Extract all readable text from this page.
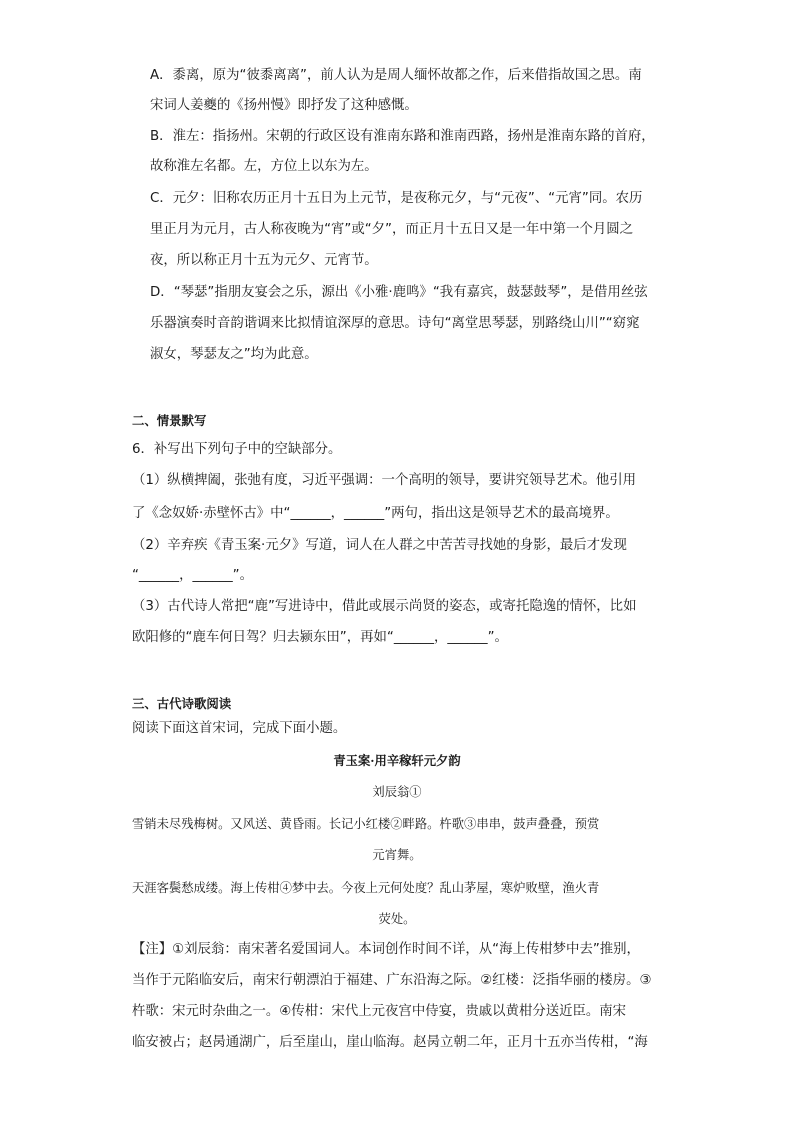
A．黍离，原为“彼黍离离”，前人认为是周人缅怀故都之作，后来借指故国之思。南
宋词人姜夔的《扬州慢》即抒发了这种感慨。
B．淮左：指扬州。宋朝的行政区设有淮南东路和淮南西路，扬州是淮南东路的首府，
故称淮左名都。左，方位上以东为左。
C．元夕：旧称农历正月十五日为上元节，是夜称元夕，与“元夜”、“元宵”同。农历
里正月为元月，古人称夜晚为“宵”或“夕”，而正月十五日又是一年中第一个月圆之
夜，所以称正月十五为元夕、元宵节。
D．“琴瑟”指朋友宴会之乐，源出《小雅·鹿鸣》“我有嘉宾，鼓瑟鼓琴”，是借用丝弦
乐器演奏时音韵谐调来比拟情谊深厚的意思。诗句“离堂思琴瑟，别路绕山川”“窈窕
淑女，琴瑟友之”均为此意。
二、情景默写
6．补写出下列句子中的空缺部分。
（1）纵横捭阖，张弛有度，习近平强调：一个高明的领导，要讲究领导艺术。他引用
了《念奴娇·赤壁怀古》中“______，______”两句，指出这是领导艺术的最高境界。
（2）辛弃疾《青玉案·元夕》写道，词人在人群之中苦苦寻找她的身影，最后才发现
“______，______”。
（3）古代诗人常把“鹿”写进诗中，借此或展示尚贤的姿态，或寄托隐逸的情怀，比如
欧阳修的“鹿车何日驾？归去颍东田”，再如“______，______”。
三、古代诗歌阅读
阅读下面这首宋词，完成下面小题。
青玉案·用辛稼轩元夕韵
刘辰翁①
雪销未尽残梅树。又风送、黄昏雨。长记小红楼②畔路。杵歌③串串，鼓声叠叠，预赏
元宵舞。
天涯客鬓愁成缕。海上传柑④梦中去。今夜上元何处度？乱山茅屋，寒炉败壁，渔火青
荧处。
【注】①刘辰翁：南宋著名爱国词人。本词创作时间不详，从“海上传柑梦中去”推别，
当作于元陷临安后，南宋行朝漂泊于福建、广东沿海之际。②红楼：泛指华丽的楼房。③
杵歌：宋元时杂曲之一。④传柑：宋代上元夜宫中侍宴，贵戚以黄柑分送近臣。南宋
临安被占；赵昺通湖广，后至崖山，崖山临海。赵昺立朝二年，正月十五亦当传柑，“海
